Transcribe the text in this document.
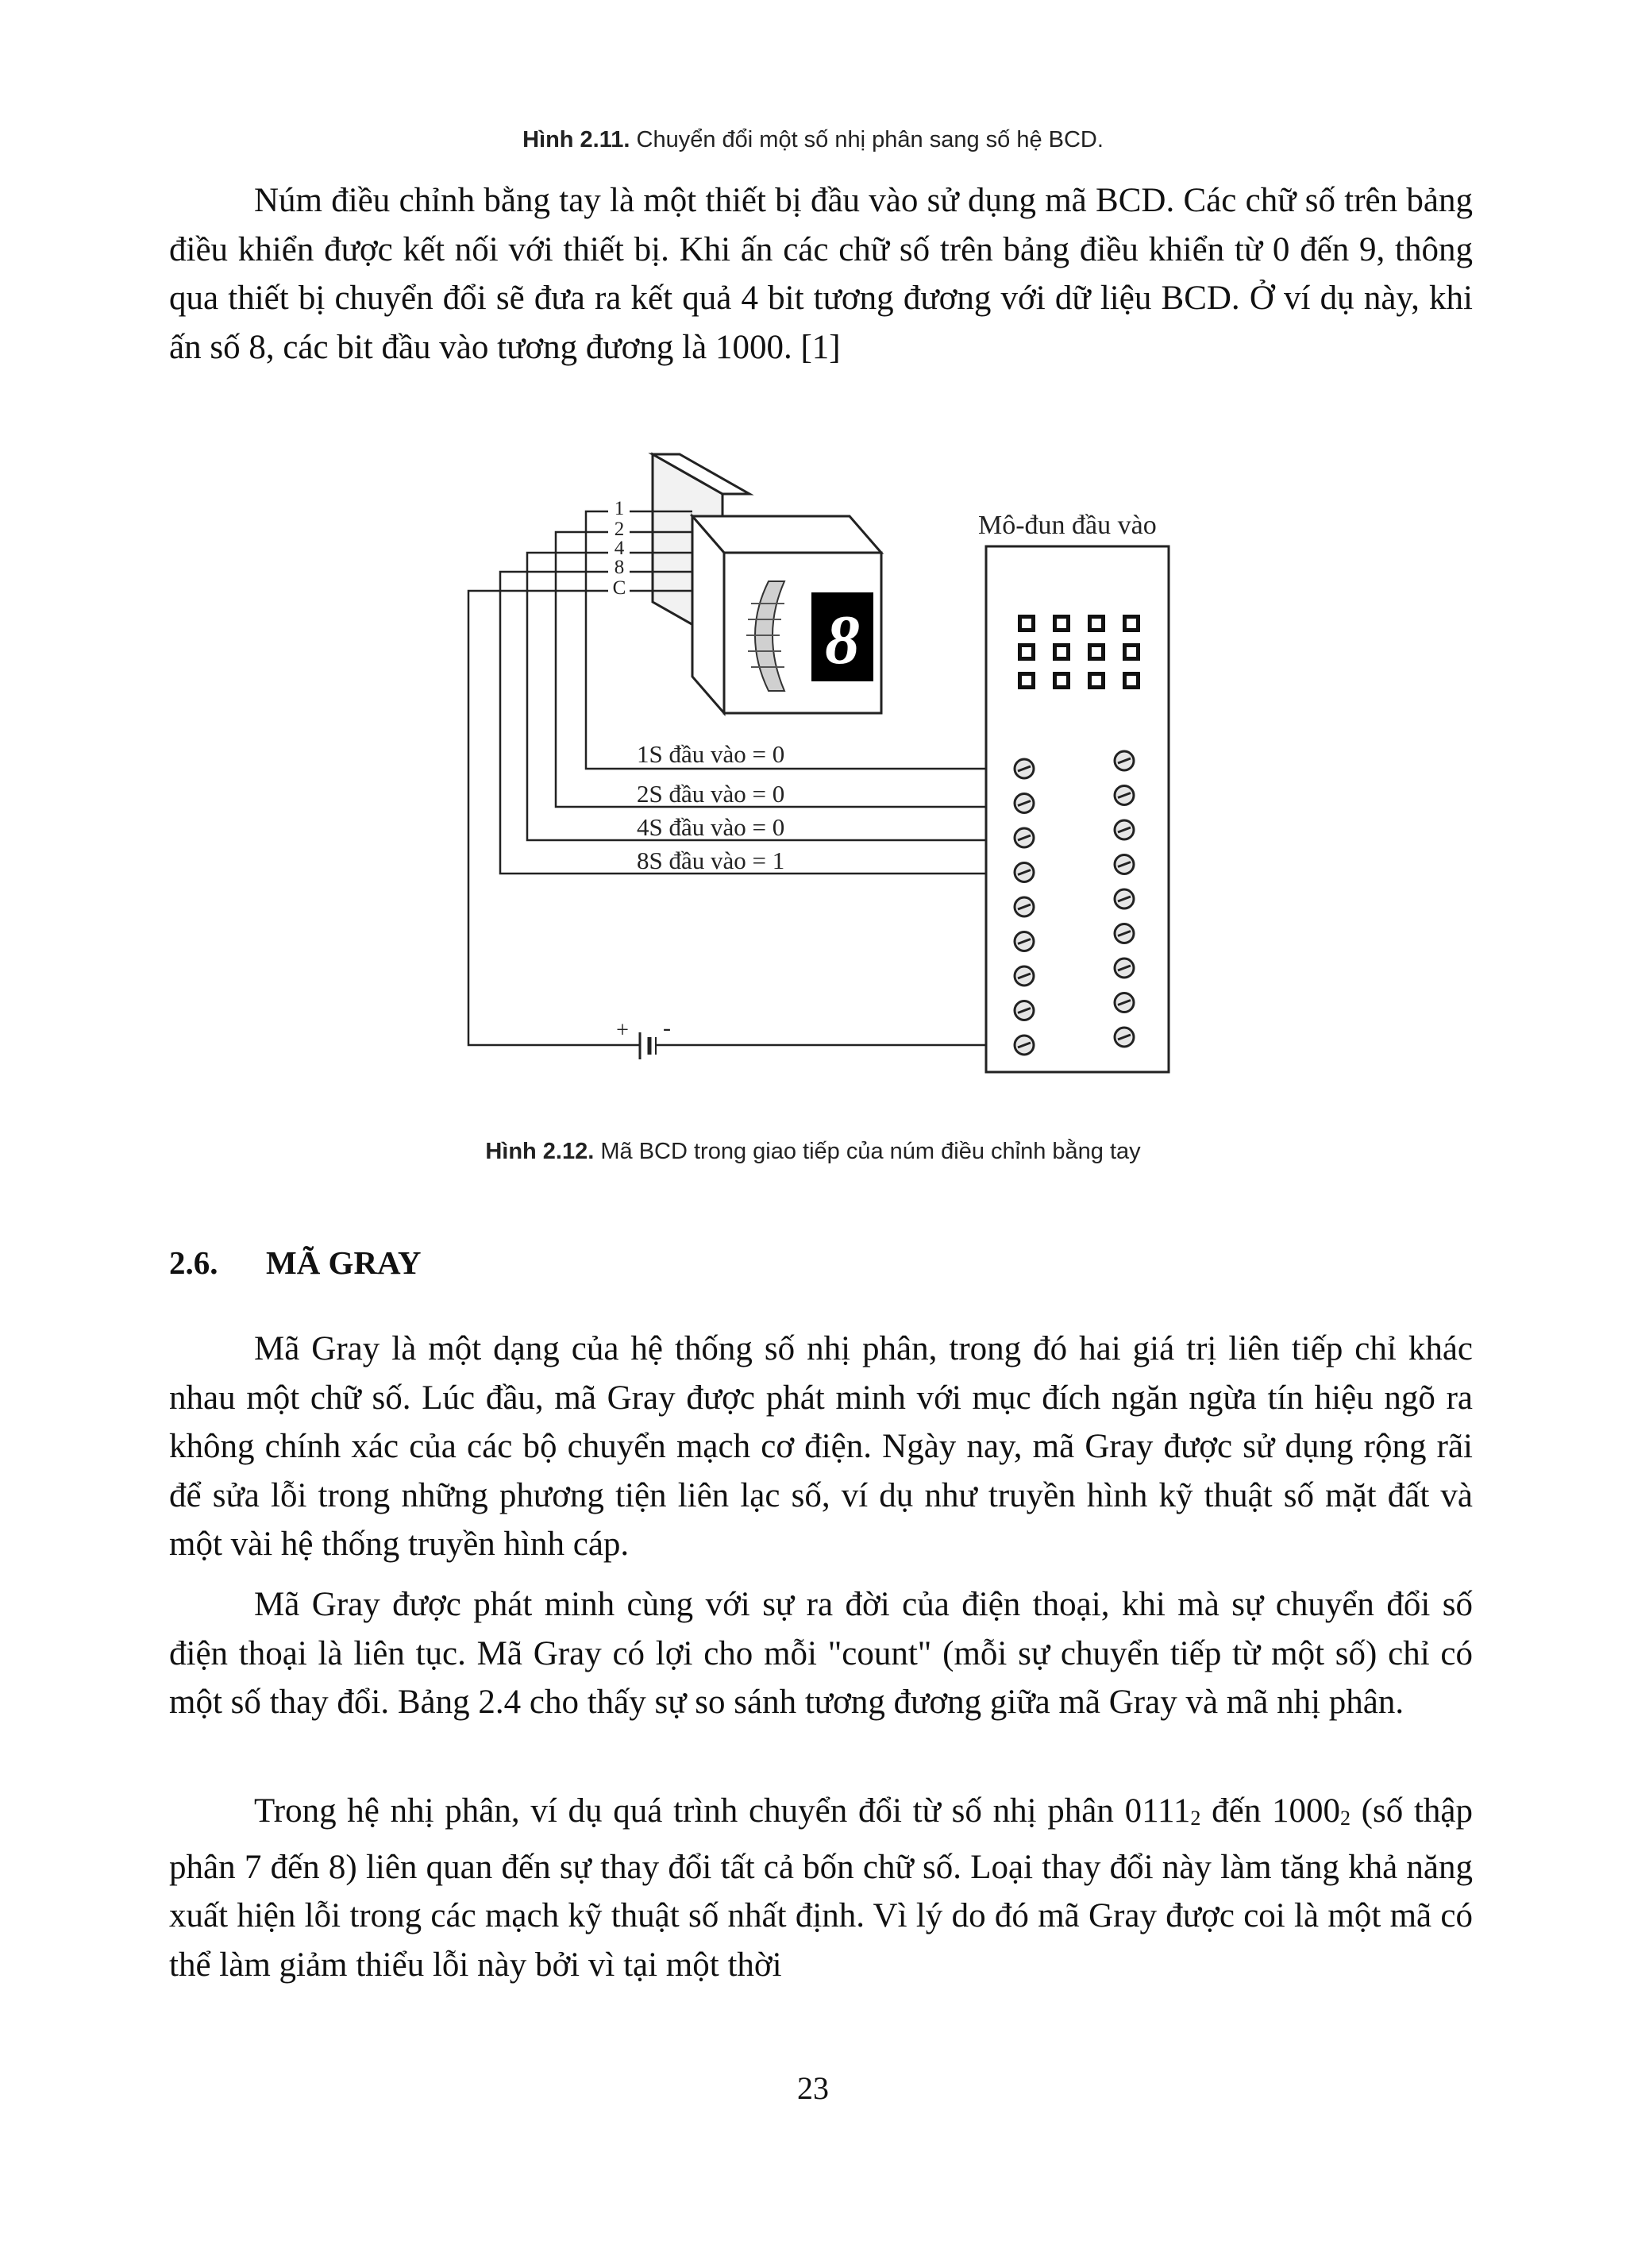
Hình 2.11. Chuyển đổi một số nhị phân sang số hệ BCD.

Núm điều chỉnh bằng tay là một thiết bị đầu vào sử dụng mã BCD. Các chữ số trên bảng điều khiển được kết nối với thiết bị. Khi ấn các chữ số trên bảng điều khiển từ 0 đến 9, thông qua thiết bị chuyển đổi sẽ đưa ra kết quả 4 bit tương đương với dữ liệu BCD. Ở ví dụ này, khi ấn số 8, các bit đầu vào tương đương là 1000. [1]

8
1
2
4
8
C
+ -
1S đầu vào = 0
2S đầu vào = 0
4S đầu vào = 0
8S đầu vào = 1
Mô-đun đầu vào
Hình 2.12. Mã BCD trong giao tiếp của núm điều chỉnh bằng tay
2.6. MÃ GRAY

Mã Gray là một dạng của hệ thống số nhị phân, trong đó hai giá trị liên tiếp chỉ khác nhau một chữ số. Lúc đầu, mã Gray được phát minh với mục đích ngăn ngừa tín hiệu ngõ ra không chính xác của các bộ chuyển mạch cơ điện. Ngày nay, mã Gray được sử dụng rộng rãi để sửa lỗi trong những phương tiện liên lạc số, ví dụ như truyền hình kỹ thuật số mặt đất và một vài hệ thống truyền hình cáp.

Mã Gray được phát minh cùng với sự ra đời của điện thoại, khi mà sự chuyển đổi số điện thoại là liên tục. Mã Gray có lợi cho mỗi "count" (mỗi sự chuyển tiếp từ một số) chỉ có một số thay đổi. Bảng 2.4 cho thấy sự so sánh tương đương giữa mã Gray và mã nhị phân.

Trong hệ nhị phân, ví dụ quá trình chuyển đổi từ số nhị phân $0111_2$ đến $1000_2$ (số thập phân 7 đến 8) liên quan đến sự thay đổi tất cả bốn chữ số. Loại thay đổi này làm tăng khả năng xuất hiện lỗi trong các mạch kỹ thuật số nhất định. Vì lý do đó mã Gray được coi là một mã có thể làm giảm thiểu lỗi này bởi vì tại một thời

23
